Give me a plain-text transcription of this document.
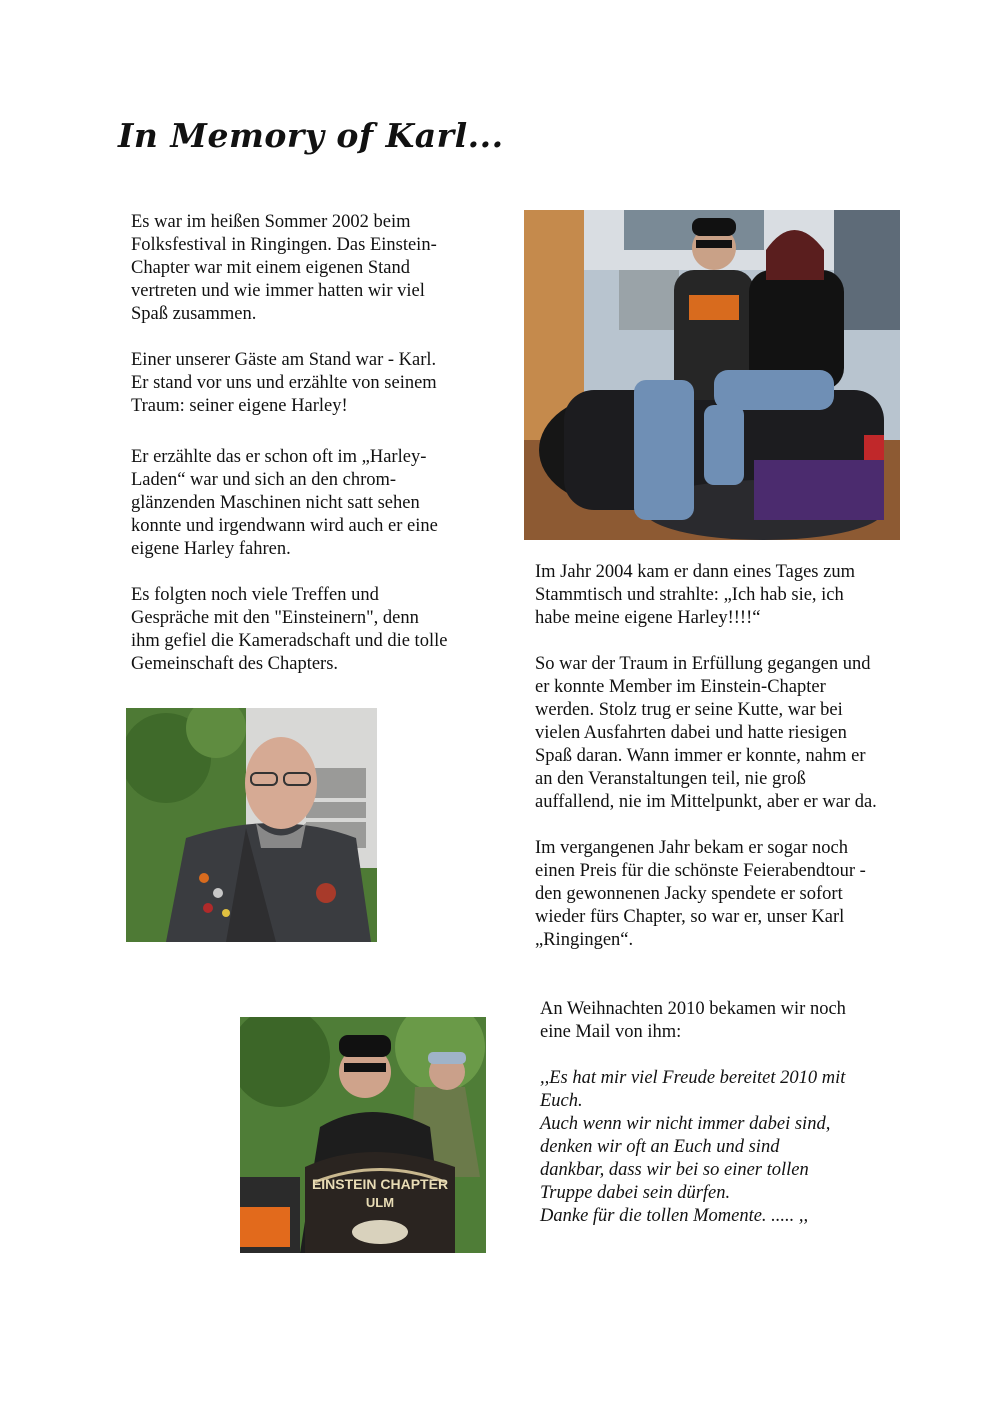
In Memory of Karl...

Es war im heißen Sommer 2002 beim
Folksfestival in Ringingen. Das Einstein-
Chapter war mit einem eigenen Stand
vertreten und wie immer hatten wir viel
Spaß zusammen.

Einer unserer Gäste am Stand war - Karl.
Er stand vor uns und erzählte von seinem
Traum: seiner eigene Harley!

Er erzählte das er schon oft im „Harley-
Laden“ war und sich an den chrom-
glänzenden Maschinen nicht satt sehen
konnte und irgendwann wird auch er eine
eigene Harley fahren.

Es folgten noch viele Treffen und
Gespräche mit den "Einsteinern", denn
ihm gefiel die Kameradschaft und die tolle
Gemeinschaft des Chapters.

Im Jahr 2004 kam er dann eines Tages zum
Stammtisch und strahlte: „Ich hab sie, ich
habe meine eigene Harley!!!!“

So war der Traum in Erfüllung gegangen und
er konnte Member im Einstein-Chapter
werden. Stolz trug er seine Kutte, war bei
vielen Ausfahrten dabei und hatte riesigen
Spaß daran. Wann immer er konnte, nahm er
an den Veranstaltungen teil, nie groß
auffallend, nie im Mittelpunkt, aber er war da.

Im vergangenen Jahr bekam er sogar noch
einen Preis für die schönste Feierabendtour -
den gewonnenen Jacky spendete er sofort
wieder fürs Chapter, so war er, unser Karl
„Ringingen“.

An Weihnachten 2010 bekamen wir noch
eine Mail von ihm:

,,Es hat mir viel Freude bereitet 2010 mit
Euch.
Auch wenn wir nicht immer dabei sind,
denken wir oft an Euch und sind
dankbar, dass wir bei so einer tollen
Truppe dabei sein dürfen.
Danke für die tollen Momente. ..... ,,

EINSTEIN CHAPTER
ULM
